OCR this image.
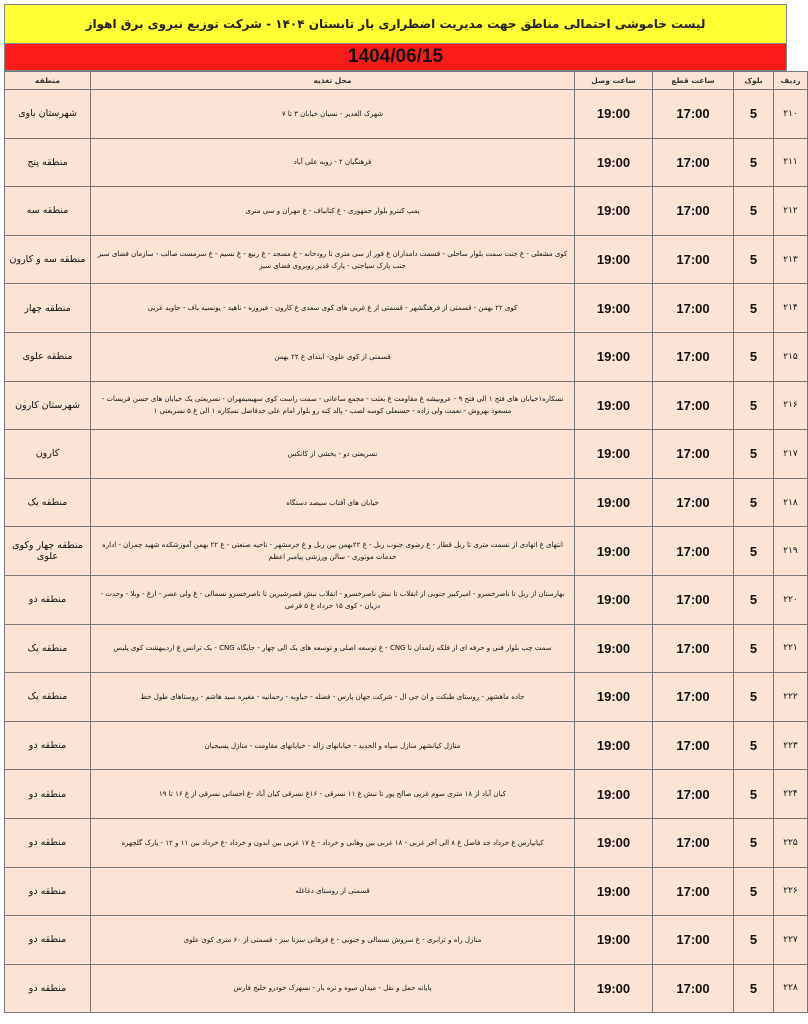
لیست خاموشی احتمالی مناطق جهت مدیریت اضطراری بار تابستان ۱۴۰۴ - شرکت توزیع نیروی برق اهواز
1404/06/15
ردیف	بلوک	ساعت قطع	ساعت وصل	محل تغذیه	منطقه
۲۱۰	5	17:00	19:00	شهرک الغدیر - نسیان خیابان ۳ تا ۷	شهرستان باوی
۲۱۱	5	17:00	19:00	فرهنگیان ۲ - زوبه علی آباد	منطقه پنج
۲۱۲	5	17:00	19:00	پمپ کنترو بلوار جمهوری - غ کتانیاف - غ مهران و سی متری	منطقه سه
۲۱۳	5	17:00	19:00	کوی مشعلی - غ جنت سمت بلوار ساحلی - قسمت دامداران غ فور از سی متری تا رودخانه - غ مسجد - غ ربیع - غ نسیم - غ سرمست صالب - سازمان فضای سبز جنب پارک سیاحتی - پارک قدیر روبروی فضای سبز	منطقه سه و کارون
۲۱۴	5	17:00	19:00	کوی ۲۲ بهمن - قسمتی از فرهنگشهر - قسمتی از غ غربی های کوی سعدی غ کارون - فیروزه - ناهید - یونسیه باف - جاوید غربی	منطقه چهار
۲۱۵	5	17:00	19:00	قسمتی از کوی علوی- ابتدای غ ۲۲ بهمن	منطقه علوی
۲۱۶	5	17:00	19:00	نسکاره۱خیابان های فتح ۱ الی فتح ۹ - عروبیشه غ مقاومت غ بعثت - مجمع ساعاتی - سمت راست کوی سهیمیمهران - نسریعتی یک خیابان های حسن فریسات - مسعود بهروش - نعمت ولی زاده - حسنعلی کوسه لصب - پالد کنه رو بلوار امام علی حدفاصل نسکاره ۱ الی غ ۵ نسریعتی ۱	شهرستان کارون
۲۱۷	5	17:00	19:00	نسریعتی دو - بخشی از کاتکس	کارون
۲۱۸	5	17:00	19:00	خیابان های آفتاب سیصد دستگاه	منطقه یک
۲۱۹	5	17:00	19:00	انتهای غ اتهادی از نسمت متری تا ربل قطار - غ رضوی جنوب ربل - غ ۲۲بهمن بین ربل و غ خرمشهر - ناحیه صنعتی - غ ۲۲ بهمن آموزشکده شهید چمران - اداره خدمات موتوری - سالن ورزشی پیامبر اعظم	منطقه چهار وکوی علوی
۲۲۰	5	17:00	19:00	بهارستان از ربل تا ناصرخسرو - امیرکبیر جنوبی از انقلاب تا نبش ناصرخسرو - انقلاب نبش قصرشیرین تا ناصرخسرو نسمالی - غ ولی عصر - ارغ - وبلا - وحدت - دزیان - کوی ۱۵ خرداد غ ۵ فرعی	منطقه دو
۲۲۱	5	17:00	19:00	سمت چپ بلوار فنی و حرفه ای از فلکه زلمدان تا CNG - غ توسعه اصلی و توسعه های یک الی چهار - جایگاه CNG - یک ترانس غ اردیبهشت کوی پلیس	منطقه یک
۲۲۲	5	17:00	19:00	جاده ماهشهر - روستای طبکت و ان جی ال - شرکت جهان پارس - فضله - حیاوبه - رحمانیه - مغیره سید هاشم - روستاهای طول خط	منطقه یک
۲۲۳	5	17:00	19:00	منازل کیانشهر منازل سپاه و الحدید - خیابانهای زاله - خیابانهای مقاومت - منازل پسیجیان	منطقه دو
۲۲۴	5	17:00	19:00	کیان آباد از ۱۸ متری سوم غربی صالح پور تا نبش غ ۱۱ نسرقی - ۱۶غ نسرقی کیان آباد -غ احسانی نسرقی از غ ۱۶ تا ۱۹	منطقه دو
۲۲۵	5	17:00	19:00	کیانپارس غ خرداد حد فاصل غ ۸ الی آخر غربی - ۱۸ غربی بین وهابی و خرداد - غ ۱۷ غربی بین ابدون و خرداد -غ خرداد بین ۱۱ و ۱۲ - پارک گلچهره	منطقه دو
۲۲۶	5	17:00	19:00	قسمتی از روستای دغاغله	منطقه دو
۲۲۷	5	17:00	19:00	منازل راه و ترابری - غ سروش نسمالی و جنوبی - غ فرهانی سرتا سر - قسمتی از ۶۰ متری کوی علوی	منطقه دو
۲۲۸	5	17:00	19:00	پایانه حمل و نقل - میدان میوه و تره بار - نسهرک خودرو خلیج فارس	منطقه دو
